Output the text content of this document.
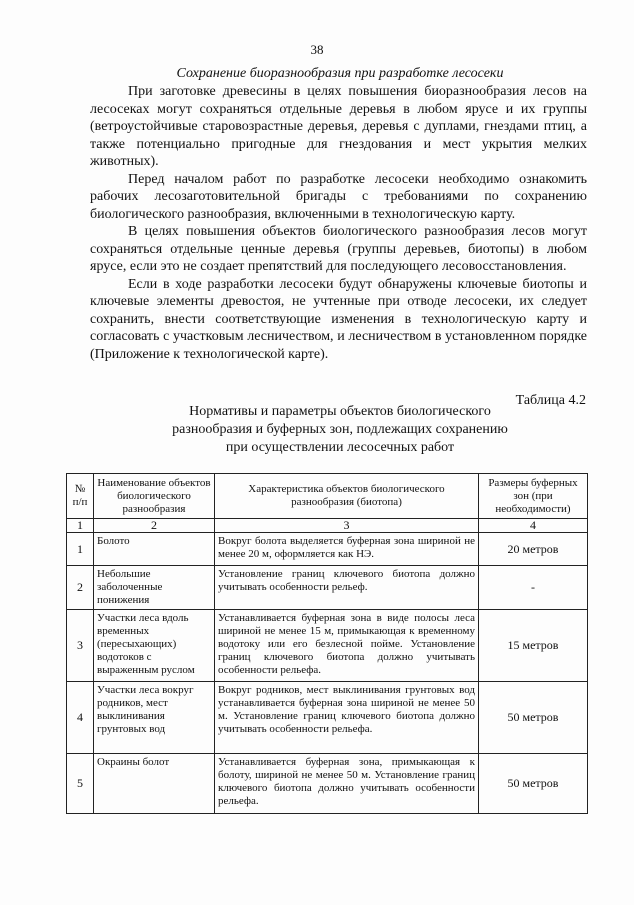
38
Сохранение биоразнообразия при разработке лесосеки

При заготовке древесины в целях повышения биоразнообразия лесов на лесосеках могут сохраняться отдельные деревья в любом ярусе и их группы (ветроустойчивые старовозрастные деревья, деревья с дуплами, гнездами птиц, а также потенциально пригодные для гнездования и мест укрытия мелких животных).

Перед началом работ по разработке лесосеки необходимо ознакомить рабочих лесозаготовительной бригады с требованиями по сохранению биологического разнообразия, включенными в технологическую карту.

В целях повышения объектов биологического разнообразия лесов могут сохраняться отдельные ценные деревья (группы деревьев, биотопы) в любом ярусе, если это не создает препятствий для последующего лесовосстановления.

Если в ходе разработки лесосеки будут обнаружены ключевые биотопы и ключевые элементы древостоя, не учтенные при отводе лесосеки, их следует сохранить, внести соответствующие изменения в технологическую карту и согласовать с участковым лесничеством, и лесничеством в установленном порядке (Приложение к технологической карте).

Таблица 4.2
Нормативы и параметры объектов биологического
разнообразия и буферных зон, подлежащих сохранению
при осуществлении лесосечных работ
№ п/п	Наименование объектов биологического разнообразия	Характеристика объектов биологического разнообразия (биотопа)	Размеры буферных зон (при необходимости)
1	2	3	4
1	Болото	Вокруг болота выделяется буферная зона шириной не менее 20 м, оформляется как НЭ.	20 метров
2	Небольшие заболоченные понижения	Установление границ ключевого биотопа должно учитывать особенности рельеф.	-
3	Участки леса вдоль временных (пересыхающих) водотоков с выраженным руслом	Устанавливается буферная зона в виде полосы леса шириной не менее 15 м, примыкающая к временному водотоку или его безлесной пойме. Установление границ ключевого биотопа должно учитывать особенности рельефа.	15 метров
4	Участки леса вокруг родников, мест выклинивания грунтовых вод	Вокруг родников, мест выклинивания грунтовых вод устанавливается буферная зона шириной не менее 50 м. Установление границ ключевого биотопа должно учитывать особенности рельефа.	50 метров
5	Окраины болот	Устанавливается буферная зона, примыкающая к болоту, шириной не менее 50 м. Установление границ ключевого биотопа должно учитывать особенности рельефа.	50 метров
